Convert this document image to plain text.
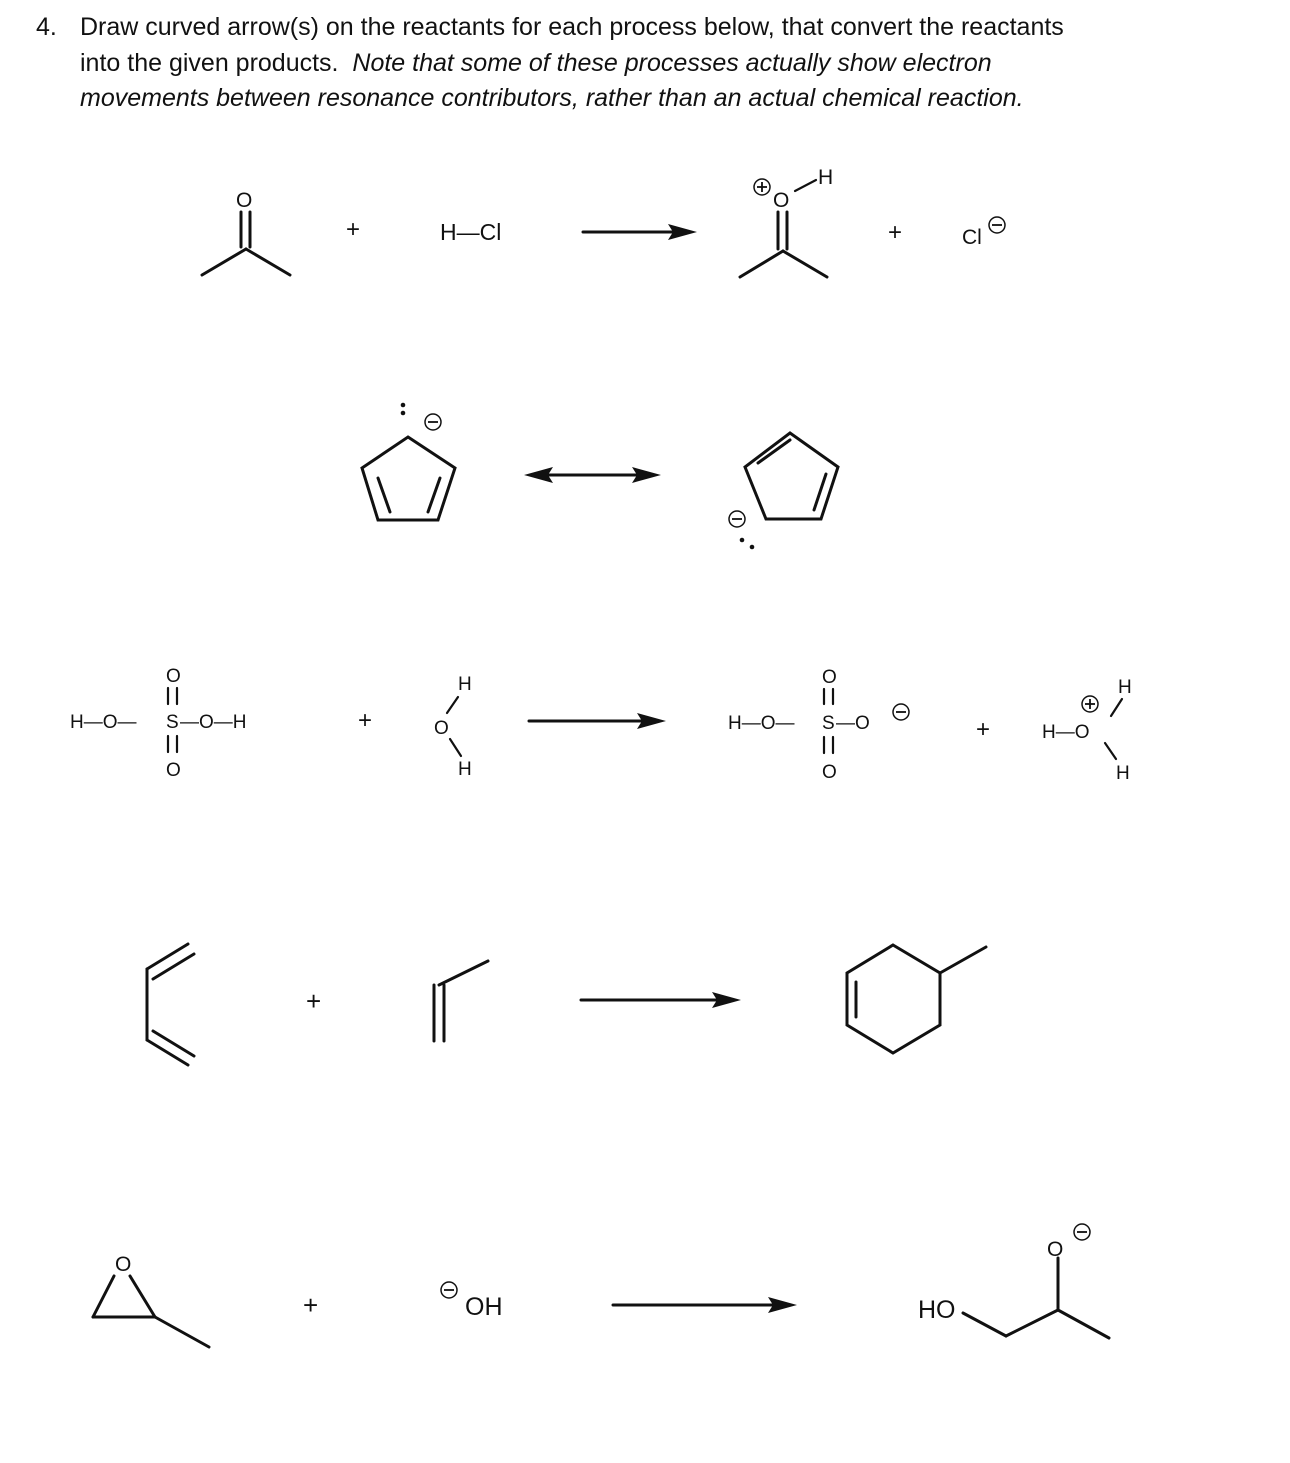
4. Draw curved arrow(s) on the reactants for each process below, that convert the reactants
into the given products. Note that some of these processes actually show electron
movements between resonance contributors, rather than an actual chemical reaction.
O
+	H—Cl
O
H
+	Cl
O
H—O— S —O—H
O
+
H
O
H
O
H—O— S —O
O
+
H
H—O
H
+
O
+	OH	HO
O
